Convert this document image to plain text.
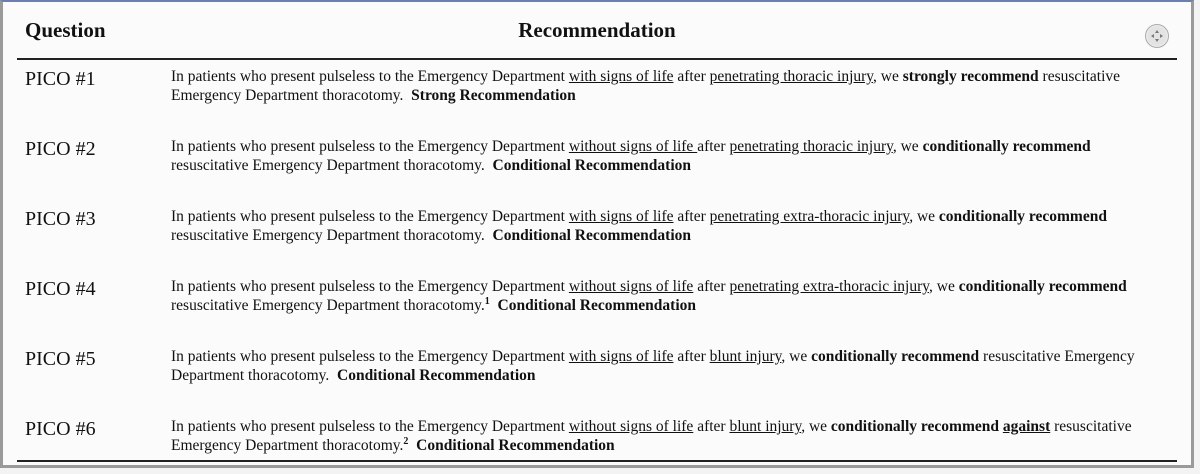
Question	Recommendation
PICO #1	In patients who present pulseless to the Emergency Department with signs of life after penetrating thoracic injury, we strongly recommend resuscitative Emergency Department thoracotomy. Strong Recommendation
PICO #2	In patients who present pulseless to the Emergency Department without signs of life after penetrating thoracic injury, we conditionally recommend resuscitative Emergency Department thoracotomy. Conditional Recommendation
PICO #3	In patients who present pulseless to the Emergency Department with signs of life after penetrating extra-thoracic injury, we conditionally recommend resuscitative Emergency Department thoracotomy. Conditional Recommendation
PICO #4	In patients who present pulseless to the Emergency Department without signs of life after penetrating extra-thoracic injury, we conditionally recommend resuscitative Emergency Department thoracotomy.$^1$ Conditional Recommendation
PICO #5	In patients who present pulseless to the Emergency Department with signs of life after blunt injury, we conditionally recommend resuscitative Emergency Department thoracotomy. Conditional Recommendation
PICO #6	In patients who present pulseless to the Emergency Department without signs of life after blunt injury, we conditionally recommend against resuscitative Emergency Department thoracotomy.$^2$ Conditional Recommendation
